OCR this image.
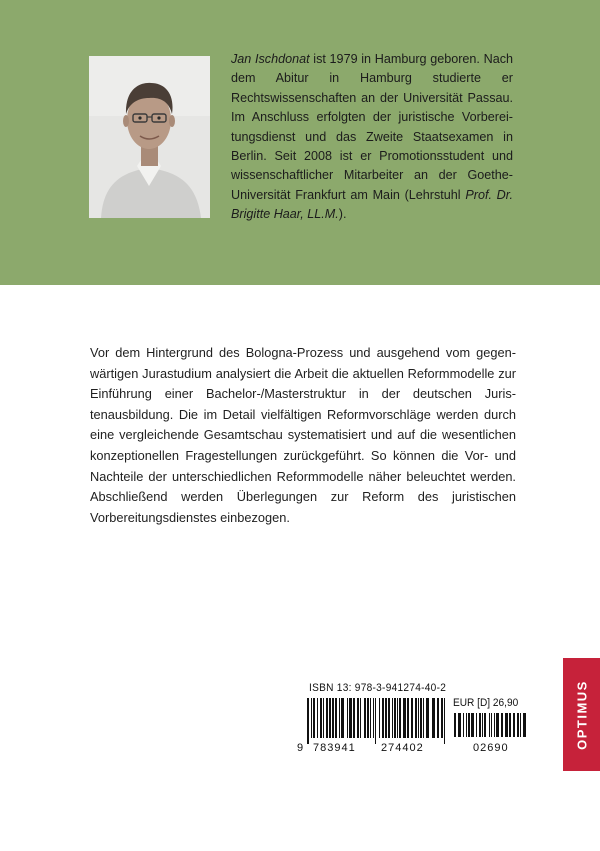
Jan Ischdonat ist 1979 in Hamburg geboren. Nach dem Abitur in Hamburg studierte er Rechtswissenschaften an der Universität Passau. Im Anschluss erfolgten der juristische Vorbereitungsdienst und das Zweite Staatsexamen in Berlin. Seit 2008 ist er Promotionsstudent und wissenschaftlicher Mitarbeiter an der Goethe-Universität Frankfurt am Main (Lehrstuhl Prof. Dr. Brigitte Haar, LL.M.).

Vor dem Hintergrund des Bologna-Prozess und ausgehend vom gegenwärtigen Jurastudium analysiert die Arbeit die aktuellen Reformmodelle zur Einführung einer Bachelor-/Masterstruktur in der deutschen Juristenausbildung. Die im Detail vielfältigen Reformvorschläge werden durch eine vergleichende Gesamtschau systematisiert und auf die wesentlichen konzeptionellen Fragestellungen zurückgeführt. So können die Vor- und Nachteile der unterschiedlichen Reformmodelle näher beleuchtet werden. Abschließend werden Überlegungen zur Reform des juristischen Vorbereitungsdienstes einbezogen.

ISBN 13: 978-3-941274-40-2
EUR [D] 26,90
9 783941 274402	02690	OPTIMUS
